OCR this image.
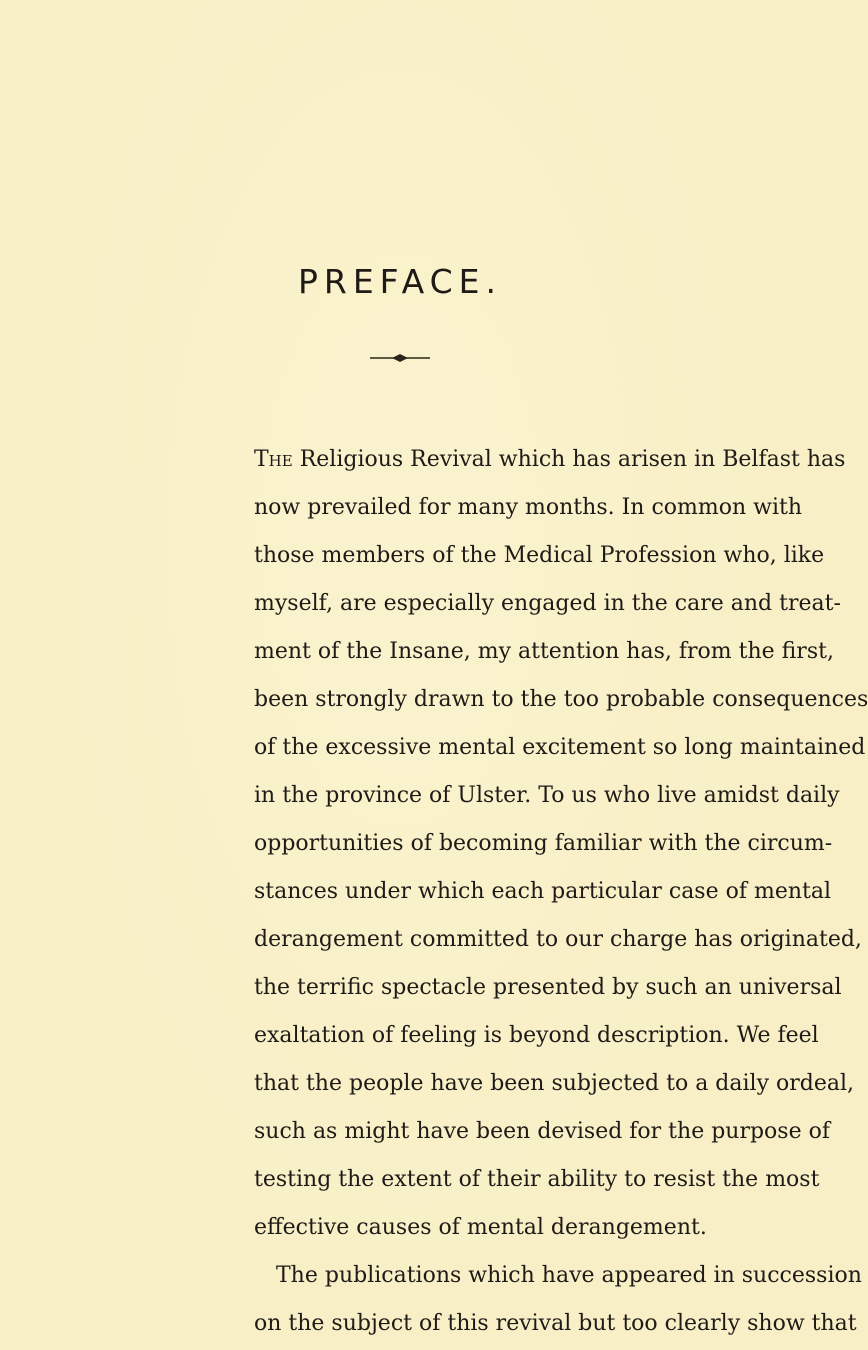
PREFACE.
The Religious Revival which has arisen in Belfast has
now prevailed for many months. In common with
those members of the Medical Profession who, like
myself, are especially engaged in the care and treat-
ment of the Insane, my attention has, from the first,
been strongly drawn to the too probable consequences
of the excessive mental excitement so long maintained
in the province of Ulster. To us who live amidst daily
opportunities of becoming familiar with the circum-
stances under which each particular case of mental
derangement committed to our charge has originated,
the terrific spectacle presented by such an universal
exaltation of feeling is beyond description. We feel
that the people have been subjected to a daily ordeal,
such as might have been devised for the purpose of
testing the extent of their ability to resist the most
effective causes of mental derangement.
The publications which have appeared in succession
on the subject of this revival but too clearly show that
